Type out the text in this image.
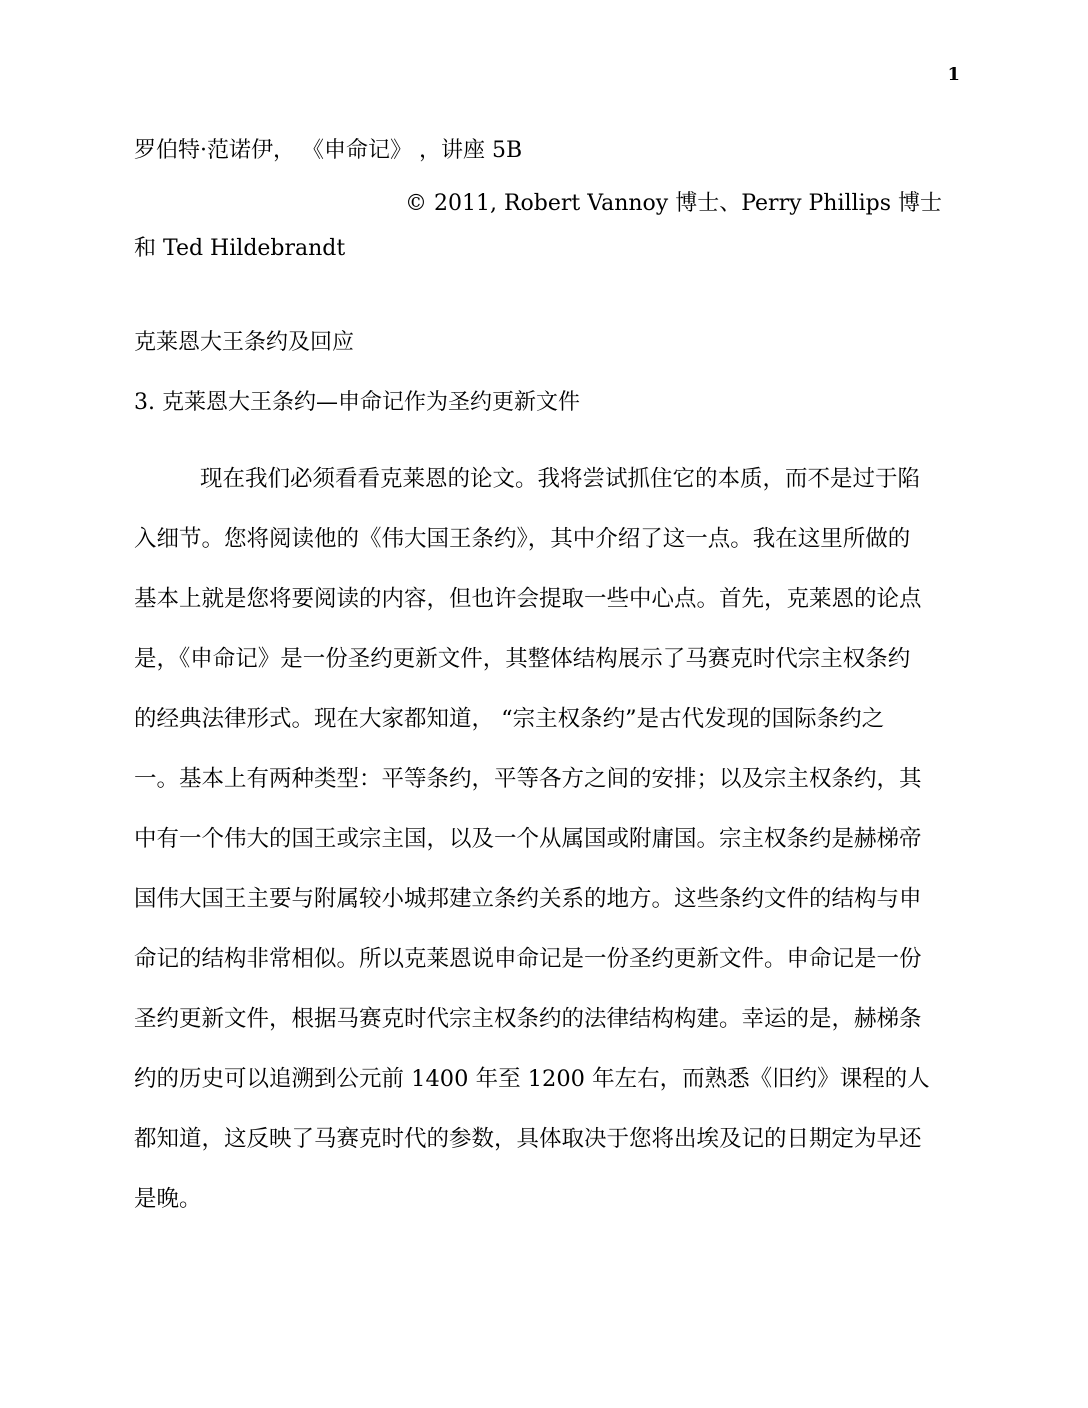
1
罗伯特·范诺伊， 《申命记》 ，讲座 5B
© 2011, Robert Vannoy 博士、Perry Phillips 博士
和 Ted Hildebrandt
克莱恩大王条约及回应
3. 克莱恩大王条约—申命记作为圣约更新文件
现在我们必须看看克莱恩的论文。我将尝试抓住它的本质，而不是过于陷
入细节。您将阅读他的《伟大国王条约》，其中介绍了这一点。我在这里所做的
基本上就是您将要阅读的内容，但也许会提取一些中心点。首先，克莱恩的论点
是，《申命记》是一份圣约更新文件，其整体结构展示了马赛克时代宗主权条约
的经典法律形式。现在大家都知道， “宗主权条约”是古代发现的国际条约之
一。基本上有两种类型：平等条约，平等各方之间的安排；以及宗主权条约，其
中有一个伟大的国王或宗主国，以及一个从属国或附庸国。宗主权条约是赫梯帝
国伟大国王主要与附属较小城邦建立条约关系的地方。这些条约文件的结构与申
命记的结构非常相似。所以克莱恩说申命记是一份圣约更新文件。申命记是一份
圣约更新文件，根据马赛克时代宗主权条约的法律结构构建。幸运的是，赫梯条
约的历史可以追溯到公元前 1400 年至 1200 年左右，而熟悉《旧约》课程的人
都知道，这反映了马赛克时代的参数，具体取决于您将出埃及记的日期定为早还
是晚。
